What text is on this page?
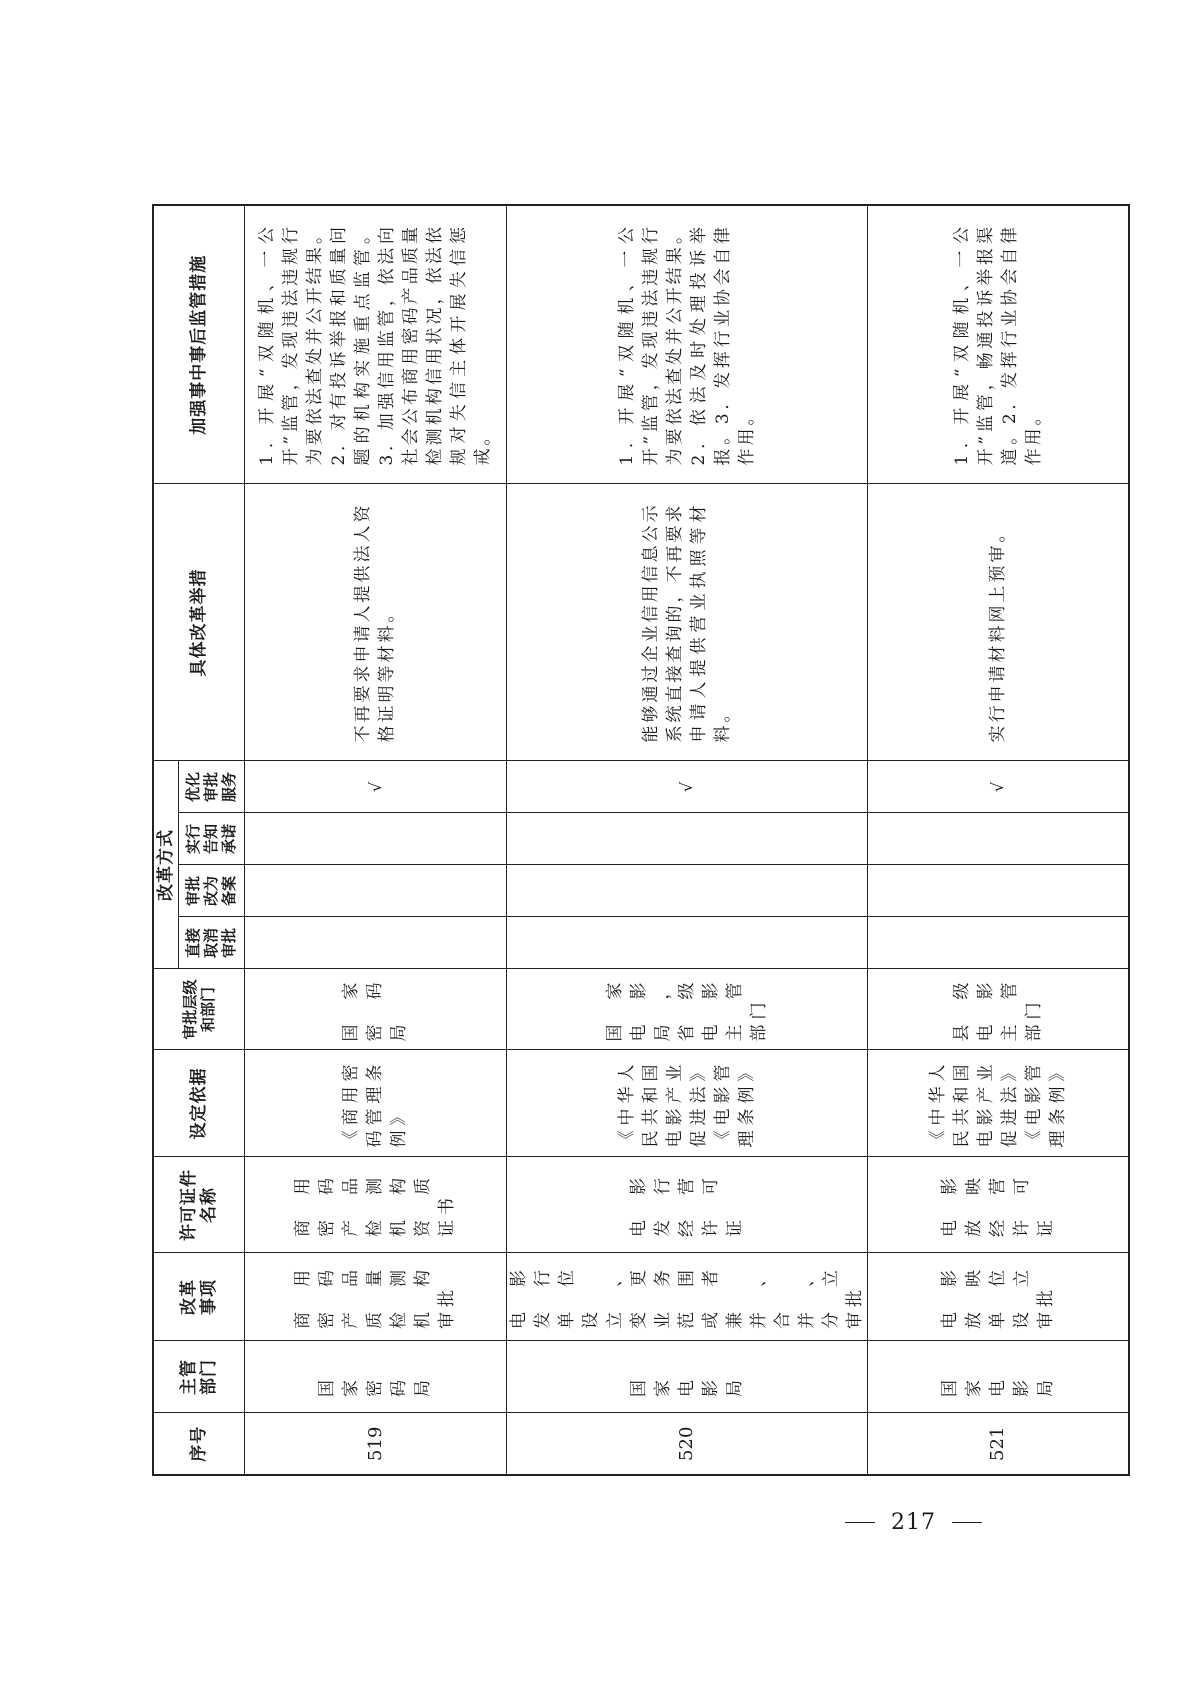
序号	主管部门	改革事项	许可证件名称	设定依据	审批层级和部门	改革方式				具体改革举措	加强事中事后监管措施
						直接取消审批	审批改为备案	实行告知承诺	优化审批服务		
519	国家密码局	商用密码产品质量检测机构审批	商用密码产品检测机构资质证书	《商用密码管理条例》	国家密码局				√	不再要求申请人提供法人资格证明等材料。	1．开展“双随机、一公开”监管，发现违法违规行为要依法查处并公开结果。2．对有投诉举报和质量问题的机构实施重点监管。3．加强信用监管，依法向社会公布商用密码产品质量检测机构信用状况，依法依规对失信主体开展失信惩戒。

520	国家电影局	电影发行单位设立、变更业务范围或者兼并、合并、分立审批	电影发行经营许可证	《中华人民共和国电影产业促进法》《电影管理条例》	国家电影局，省级电影主管部门				√	能够通过企业信用信息公示系统直接查询的，不再要求申请人提供营业执照等材料。	1．开展“双随机、一公开”监管，发现违法违规行为要依法查处并公开结果。2．依法及时处理投诉举报。3．发挥行业协会自律作用。

521	国家电影局	电影放映单位设立审批	电影放映经营许可证	《中华人民共和国电影产业促进法》《电影管理条例》	县级电影主管部门				√	实行申请材料网上预审。	1．开展“双随机、一公开”监管，畅通投诉举报渠道。2．发挥行业协会自律作用。
217
